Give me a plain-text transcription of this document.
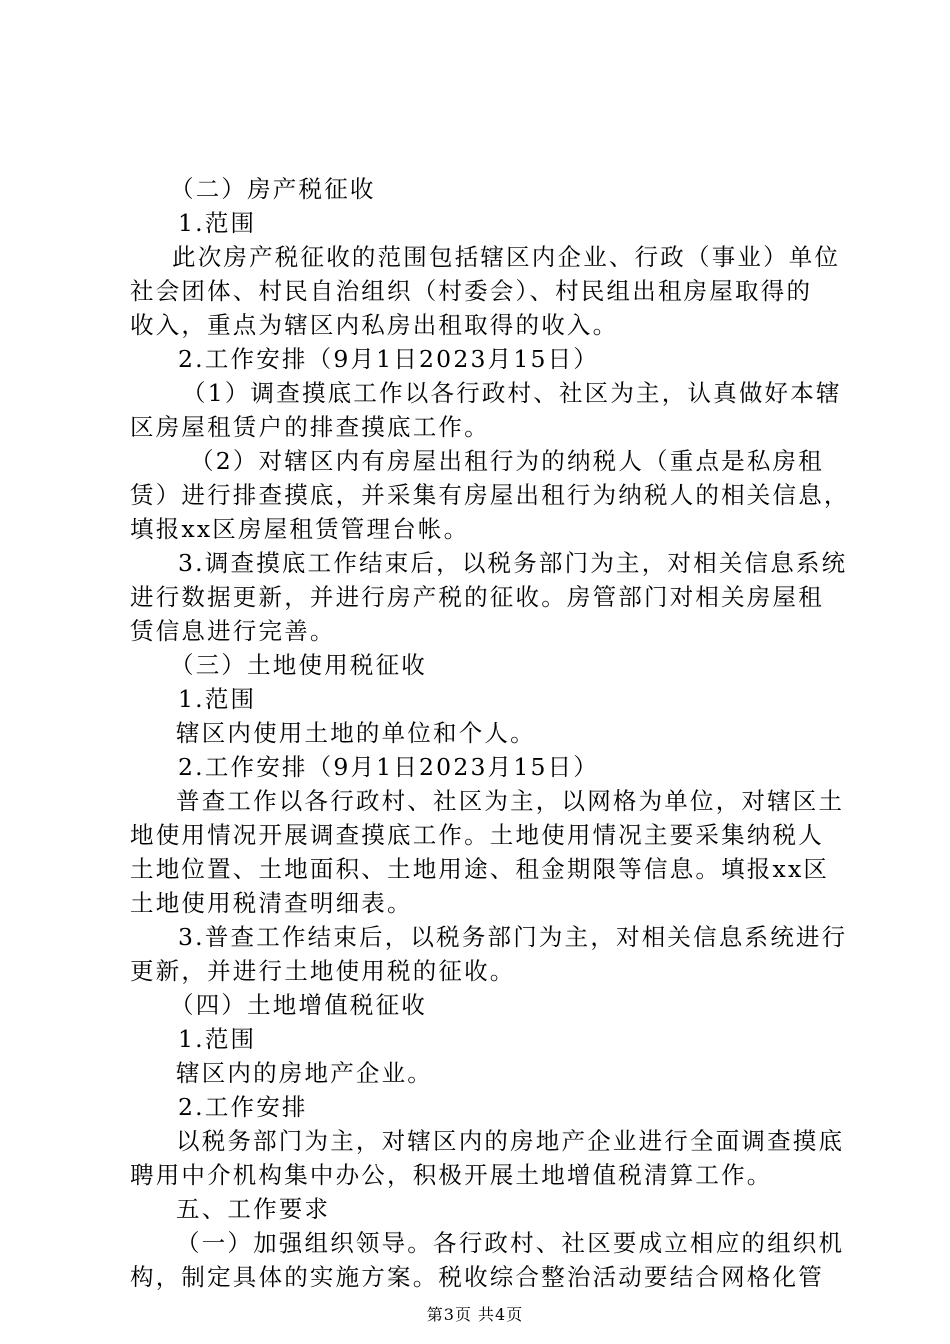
（二）房产税征收
1.范围
此次房产税征收的范围包括辖区内企业、行政（事业）单位
社会团体、村民自治组织（村委会）、村民组出租房屋取得的
收入，重点为辖区内私房出租取得的收入。
2.工作安排（9月1日2023月15日）
（1）调查摸底工作以各行政村、社区为主，认真做好本辖
区房屋租赁户的排查摸底工作。
（2）对辖区内有房屋出租行为的纳税人（重点是私房租
赁）进行排查摸底，并采集有房屋出租行为纳税人的相关信息，
填报xx区房屋租赁管理台帐。
3.调查摸底工作结束后，以税务部门为主，对相关信息系统
进行数据更新，并进行房产税的征收。房管部门对相关房屋租
赁信息进行完善。
（三）土地使用税征收
1.范围
辖区内使用土地的单位和个人。
2.工作安排（9月1日2023月15日）
普查工作以各行政村、社区为主，以网格为单位，对辖区土
地使用情况开展调查摸底工作。土地使用情况主要采集纳税人
土地位置、土地面积、土地用途、租金期限等信息。填报xx区
土地使用税清查明细表。
3.普查工作结束后，以税务部门为主，对相关信息系统进行
更新，并进行土地使用税的征收。
（四）土地增值税征收
1.范围
辖区内的房地产企业。
2.工作安排
以税务部门为主，对辖区内的房地产企业进行全面调查摸底
聘用中介机构集中办公，积极开展土地增值税清算工作。
五、工作要求
（一）加强组织领导。各行政村、社区要成立相应的组织机
构，制定具体的实施方案。税收综合整治活动要结合网格化管
第3页 共4页
